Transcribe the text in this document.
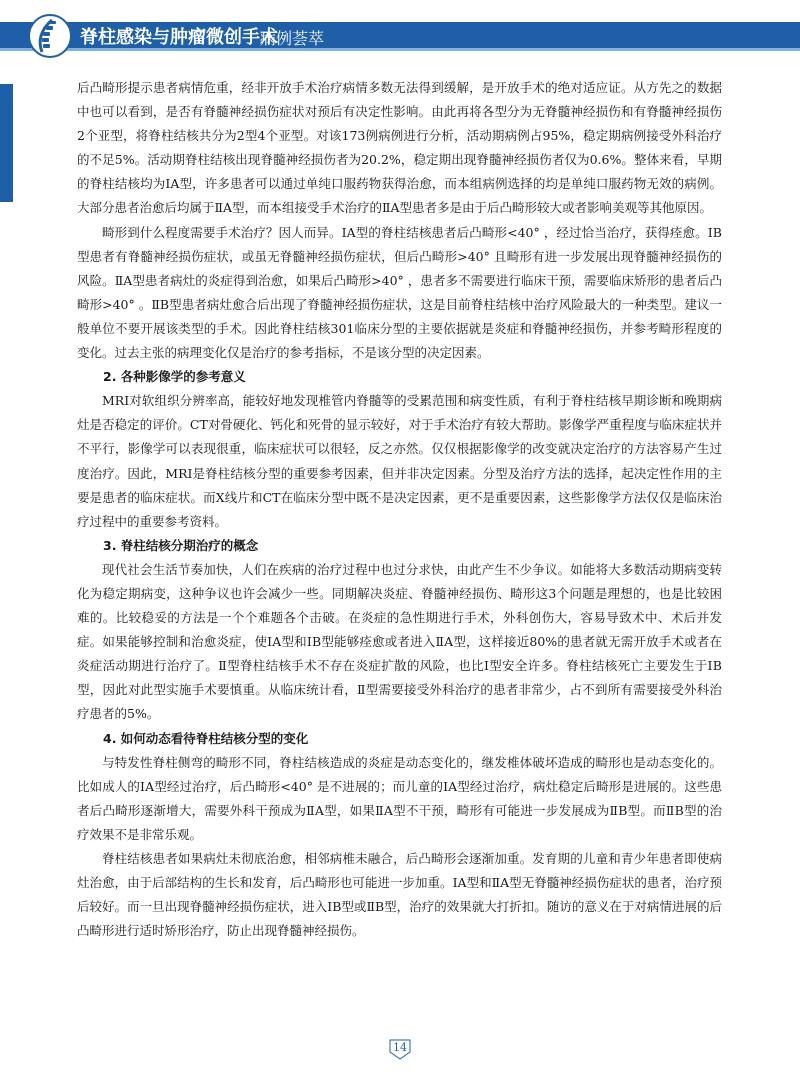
脊柱感染与肿瘤微创手术
病例荟萃

后凸畸形提示患者病情危重，经非开放手术治疗病情多数无法得到缓解，是开放手术的绝对适应证。从方先之的数据中也可以看到，是否有脊髓神经损伤症状对预后有决定性影响。由此再将各型分为无脊髓神经损伤和有脊髓神经损伤2个亚型，将脊柱结核共分为2型4个亚型。对该173例病例进行分析，活动期病例占95%，稳定期病例接受外科治疗的不足5%。活动期脊柱结核出现脊髓神经损伤者为20.2%，稳定期出现脊髓神经损伤者仅为0.6%。整体来看，早期的脊柱结核均为ⅠA型，许多患者可以通过单纯口服药物获得治愈，而本组病例选择的均是单纯口服药物无效的病例。大部分患者治愈后均属于ⅡA型，而本组接受手术治疗的ⅡA型患者多是由于后凸畸形较大或者影响美观等其他原因。

畸形到什么程度需要手术治疗？因人而异。ⅠA型的脊柱结核患者后凸畸形<40° ，经过恰当治疗，获得痊愈。ⅠB型患者有脊髓神经损伤症状，或虽无脊髓神经损伤症状，但后凸畸形>40° 且畸形有进一步发展出现脊髓神经损伤的风险。ⅡA型患者病灶的炎症得到治愈，如果后凸畸形>40° ，患者多不需要进行临床干预，需要临床矫形的患者后凸畸形>40° 。ⅡB型患者病灶愈合后出现了脊髓神经损伤症状，这是目前脊柱结核中治疗风险最大的一种类型。建议一般单位不要开展该类型的手术。因此脊柱结核301临床分型的主要依据就是炎症和脊髓神经损伤，并参考畸形程度的变化。过去主张的病理变化仅是治疗的参考指标，不是该分型的决定因素。

2. 各种影像学的参考意义

MRI对软组织分辨率高，能较好地发现椎管内脊髓等的受累范围和病变性质，有利于脊柱结核早期诊断和晚期病灶是否稳定的评价。CT对骨硬化、钙化和死骨的显示较好，对于手术治疗有较大帮助。影像学严重程度与临床症状并不平行，影像学可以表现很重，临床症状可以很轻，反之亦然。仅仅根据影像学的改变就决定治疗的方法容易产生过度治疗。因此，MRI是脊柱结核分型的重要参考因素，但并非决定因素。分型及治疗方法的选择，起决定性作用的主要是患者的临床症状。而X线片和CT在临床分型中既不是决定因素，更不是重要因素，这些影像学方法仅仅是临床治疗过程中的重要参考资料。

3. 脊柱结核分期治疗的概念

现代社会生活节奏加快，人们在疾病的治疗过程中也过分求快，由此产生不少争议。如能将大多数活动期病变转化为稳定期病变，这种争议也许会减少一些。同期解决炎症、脊髓神经损伤、畸形这3个问题是理想的，也是比较困难的。比较稳妥的方法是一个个难题各个击破。在炎症的急性期进行手术，外科创伤大，容易导致术中、术后并发症。如果能够控制和治愈炎症，使ⅠA型和ⅠB型能够痊愈或者进入ⅡA型，这样接近80%的患者就无需开放手术或者在炎症活动期进行治疗了。Ⅱ型脊柱结核手术不存在炎症扩散的风险，也比Ⅰ型安全许多。脊柱结核死亡主要发生于ⅠB型，因此对此型实施手术要慎重。从临床统计看，Ⅱ型需要接受外科治疗的患者非常少，占不到所有需要接受外科治疗患者的5%。

4. 如何动态看待脊柱结核分型的变化

与特发性脊柱侧弯的畸形不同，脊柱结核造成的炎症是动态变化的，继发椎体破坏造成的畸形也是动态变化的。比如成人的ⅠA型经过治疗，后凸畸形<40° 是不进展的；而儿童的ⅠA型经过治疗，病灶稳定后畸形是进展的。这些患者后凸畸形逐渐增大，需要外科干预成为ⅡA型，如果ⅡA型不干预，畸形有可能进一步发展成为ⅡB型。而ⅡB型的治疗效果不是非常乐观。

脊柱结核患者如果病灶未彻底治愈，相邻病椎未融合，后凸畸形会逐渐加重。发育期的儿童和青少年患者即使病灶治愈，由于后部结构的生长和发育，后凸畸形也可能进一步加重。ⅠA型和ⅡA型无脊髓神经损伤症状的患者，治疗预后较好。而一旦出现脊髓神经损伤症状，进入ⅠB型或ⅡB型，治疗的效果就大打折扣。随访的意义在于对病情进展的后凸畸形进行适时矫形治疗，防止出现脊髓神经损伤。

14
